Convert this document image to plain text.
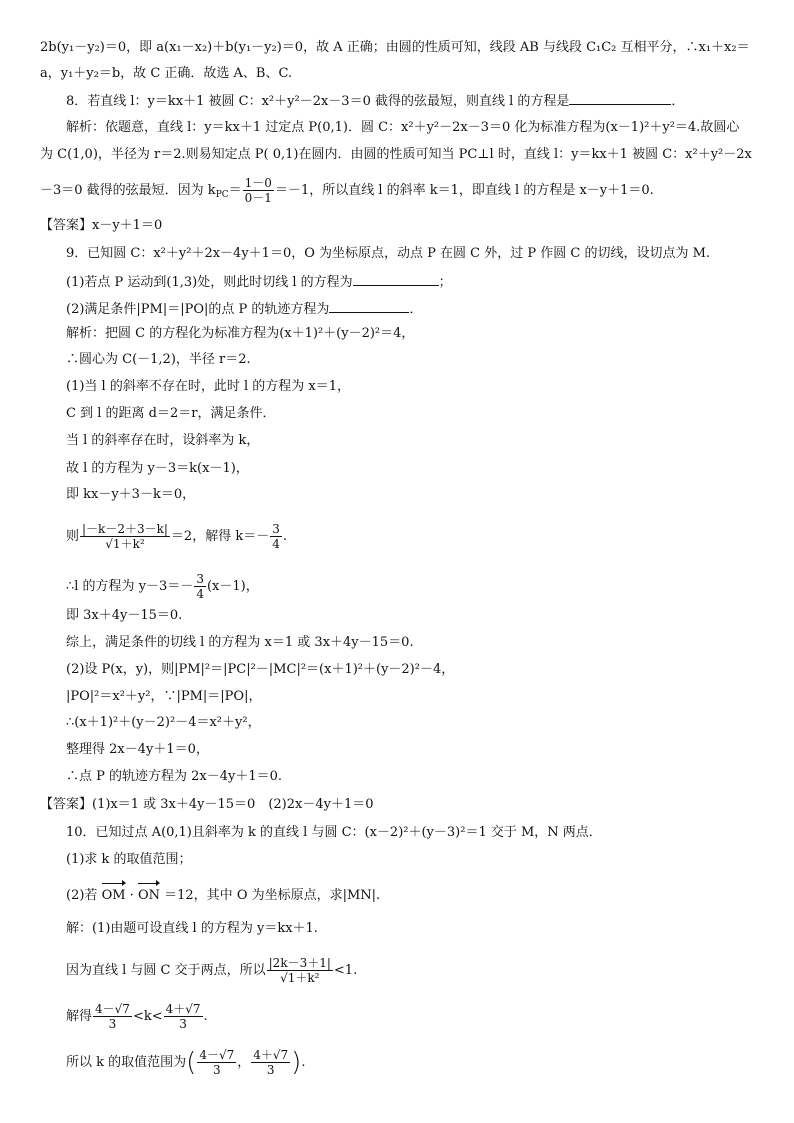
2b(y₁－y₂)＝0，即 a(x₁－x₂)＋b(y₁－y₂)＝0，故 A 正确；由圆的性质可知，线段 AB 与线段 C₁C₂ 互相平分，∴x₁＋x₂＝
a，y₁＋y₂＝b，故 C 正确．故选 A、B、C.
8．若直线 l：y＝kx＋1 被圆 C：x²＋y²－2x－3＝0 截得的弦最短，则直线 l 的方程是	．
解析：依题意，直线 l：y＝kx＋1 过定点 P(0,1)．圆 C：x²＋y²－2x－3＝0 化为标准方程为(x－1)²＋y²＝4.故圆心
为 C(1,0)，半径为 r＝2.则易知定点 P( 0,1)在圆内．由圆的性质可知当 PC⊥l 时，直线 l：y＝kx＋1 被圆 C：x²＋y²－2x
－3＝0 截得的弦最短．因为 $k_{PC}= \frac{1-0}{0-1} =-1$，所以直线 l 的斜率 k＝1，即直线 l 的方程是 x－y＋1＝0.
【答案】x－y＋1＝0
9．已知圆 C：x²＋y²＋2x－4y＋1＝0，O 为坐标原点，动点 P 在圆 C 外，过 P 作圆 C 的切线，设切点为 M.
(1)若点 P 运动到(1,3)处，则此时切线 l 的方程为	；
(2)满足条件|PM|＝|PO|的点 P 的轨迹方程为	．
解析：把圆 C 的方程化为标准方程为(x＋1)²＋(y－2)²＝4，
∴圆心为 C(－1,2)，半径 r＝2.
(1)当 l 的斜率不存在时，此时 l 的方程为 x＝1，
C 到 l 的距离 d＝2＝r，满足条件．
当 l 的斜率存在时，设斜率为 k，
故 l 的方程为 y－3＝k(x－1)，
即 kx－y＋3－k＝0，
则 $\frac{|-k-2+3-k|}{\text{√1＋k²}} =2$，解得 $k=- \frac{3}{4}$ .
∴l 的方程为 $y-3=- \frac{3}{4} (x-1)$，
即 3x＋4y－15＝0.
综上，满足条件的切线 l 的方程为 x＝1 或 3x＋4y－15＝0.
(2)设 P(x，y)，则|PM|²＝|PC|²－|MC|²＝(x＋1)²＋(y－2)²－4，
|PO|²＝x²＋y²，∵|PM|＝|PO|，
∴(x＋1)²＋(y－2)²－4＝x²＋y²，
整理得 2x－4y＋1＝0，
∴点 P 的轨迹方程为 2x－4y＋1＝0.
【答案】(1)x＝1 或 3x＋4y－15＝0　(2)2x－4y＋1＝0
10．已知过点 A(0,1)且斜率为 k 的直线 l 与圆 C：(x－2)²＋(y－3)²＝1 交于 M，N 两点．
(1)求 k 的取值范围；
(2)若 OM · ON ＝12，其中 O 为坐标原点，求|MN|.
解：(1)由题可设直线 l 的方程为 y＝kx＋1.
因为直线 l 与圆 C 交于两点，所以 $\frac{|2k-3+1|}{\text{√1＋k²}} <1$.
解得 $\frac{4-√7}{3} <k< \frac{4+√7}{3}$ .
所以 k 的取值范围为( $\frac{4-√7}{3}$ ， $\frac{4+√7}{3}$ ).
